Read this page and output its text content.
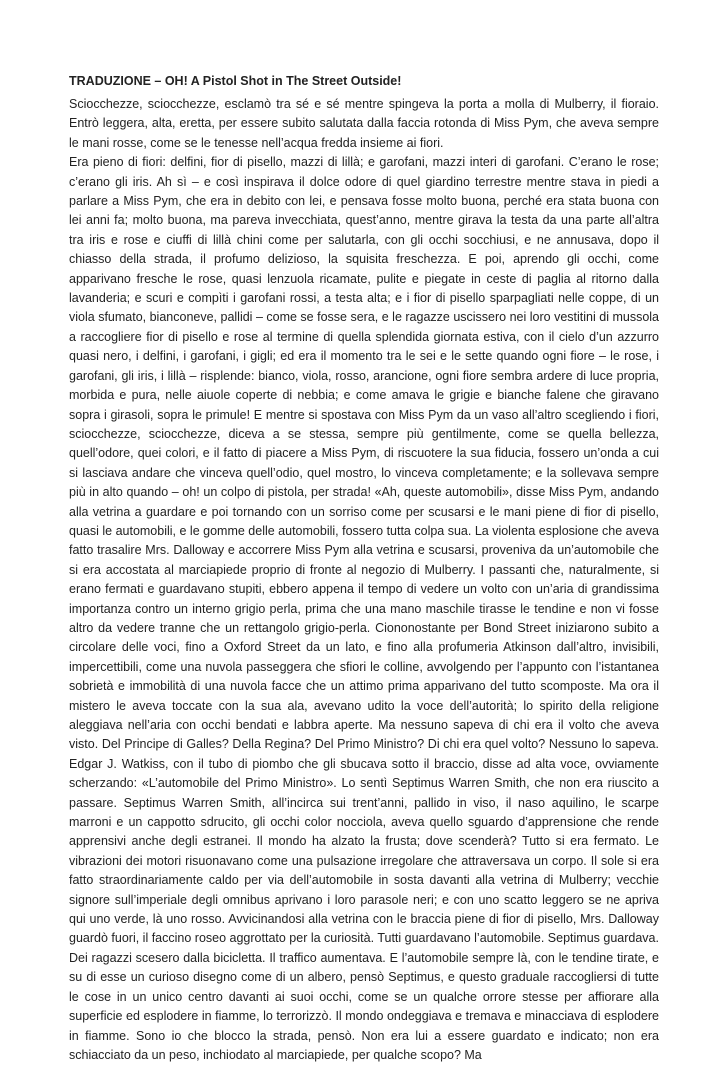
TRADUZIONE – OH! A Pistol Shot in The Street Outside!

Sciocchezze, sciocchezze, esclamò tra sé e sé mentre spingeva la porta a molla di Mulberry, il fioraio. Entrò leggera, alta, eretta, per essere subito salutata dalla faccia rotonda di Miss Pym, che aveva sempre le mani rosse, come se le tenesse nell’acqua fredda insieme ai fiori.

Era pieno di fiori: delfini, fior di pisello, mazzi di lillà; e garofani, mazzi interi di garofani. C’erano le rose; c’erano gli iris. Ah sì – e così inspirava il dolce odore di quel giardino terrestre mentre stava in piedi a parlare a Miss Pym, che era in debito con lei, e pensava fosse molto buona, perché era stata buona con lei anni fa; molto buona, ma pareva invecchiata, quest’anno, mentre girava la testa da una parte all’altra tra iris e rose e ciuffi di lillà chini come per salutarla, con gli occhi socchiusi, e ne annusava, dopo il chiasso della strada, il profumo delizioso, la squisita freschezza. E poi, aprendo gli occhi, come apparivano fresche le rose, quasi lenzuola ricamate, pulite e piegate in ceste di paglia al ritorno dalla lavanderia; e scuri e compìti i garofani rossi, a testa alta; e i fior di pisello sparpagliati nelle coppe, di un viola sfumato, bianconeve, pallidi – come se fosse sera, e le ragazze uscissero nei loro vestitini di mussola a raccogliere fior di pisello e rose al termine di quella splendida giornata estiva, con il cielo d’un azzurro quasi nero, i delfini, i garofani, i gigli; ed era il momento tra le sei e le sette quando ogni fiore – le rose, i garofani, gli iris, i lillà – risplende: bianco, viola, rosso, arancione, ogni fiore sembra ardere di luce propria, morbida e pura, nelle aiuole coperte di nebbia; e come amava le grigie e bianche falene che giravano sopra i girasoli, sopra le primule! E mentre si spostava con Miss Pym da un vaso all’altro scegliendo i fiori, sciocchezze, sciocchezze, diceva a se stessa, sempre più gentilmente, come se quella bellezza, quell’odore, quei colori, e il fatto di piacere a Miss Pym, di riscuotere la sua fiducia, fossero un’onda a cui si lasciava andare che vinceva quell’odio, quel mostro, lo vinceva completamente; e la sollevava sempre più in alto quando – oh! un colpo di pistola, per strada! «Ah, queste automobili», disse Miss Pym, andando alla vetrina a guardare e poi tornando con un sorriso come per scusarsi e le mani piene di fior di pisello, quasi le automobili, e le gomme delle automobili, fossero tutta colpa sua. La violenta esplosione che aveva fatto trasalire Mrs. Dalloway e accorrere Miss Pym alla vetrina e scusarsi, proveniva da un’automobile che si era accostata al marciapiede proprio di fronte al negozio di Mulberry. I passanti che, naturalmente, si erano fermati e guardavano stupiti, ebbero appena il tempo di vedere un volto con un’aria di grandissima importanza contro un interno grigio perla, prima che una mano maschile tirasse le tendine e non vi fosse altro da vedere tranne che un rettangolo grigio-perla. Ciononostante per Bond Street iniziarono subito a circolare delle voci, fino a Oxford Street da un lato, e fino alla profumeria Atkinson dall’altro, invisibili, impercettibili, come una nuvola passeggera che sfiori le colline, avvolgendo per l’appunto con l’istantanea sobrietà e immobilità di una nuvola facce che un attimo prima apparivano del tutto scomposte. Ma ora il mistero le aveva toccate con la sua ala, avevano udito la voce dell’autorità; lo spirito della religione aleggiava nell’aria con occhi bendati e labbra aperte. Ma nessuno sapeva di chi era il volto che aveva visto. Del Principe di Galles? Della Regina? Del Primo Ministro? Di chi era quel volto? Nessuno lo sapeva. Edgar J. Watkiss, con il tubo di piombo che gli sbucava sotto il braccio, disse ad alta voce, ovviamente scherzando: «L’automobile del Primo Ministro». Lo sentì Septimus Warren Smith, che non era riuscito a passare. Septimus Warren Smith, all’incirca sui trent’anni, pallido in viso, il naso aquilino, le scarpe marroni e un cappotto sdrucito, gli occhi color nocciola, aveva quello sguardo d’apprensione che rende apprensivi anche degli estranei. Il mondo ha alzato la frusta; dove scenderà? Tutto si era fermato. Le vibrazioni dei motori risuonavano come una pulsazione irregolare che attraversava un corpo. Il sole si era fatto straordinariamente caldo per via dell’automobile in sosta davanti alla vetrina di Mulberry; vecchie signore sull’imperiale degli omnibus aprivano i loro parasole neri; e con uno scatto leggero se ne apriva qui uno verde, là uno rosso. Avvicinandosi alla vetrina con le braccia piene di fior di pisello, Mrs. Dalloway guardò fuori, il faccino roseo aggrottato per la curiosità. Tutti guardavano l’automobile. Septimus guardava. Dei ragazzi scesero dalla bicicletta. Il traffico aumentava. E l’automobile sempre là, con le tendine tirate, e su di esse un curioso disegno come di un albero, pensò Septimus, e questo graduale raccogliersi di tutte le cose in un unico centro davanti ai suoi occhi, come se un qualche orrore stesse per affiorare alla superficie ed esplodere in fiamme, lo terrorizzò. Il mondo ondeggiava e tremava e minacciava di esplodere in fiamme. Sono io che blocco la strada, pensò. Non era lui a essere guardato e indicato; non era schiacciato da un peso, inchiodato al marciapiede, per qualche scopo? Ma
